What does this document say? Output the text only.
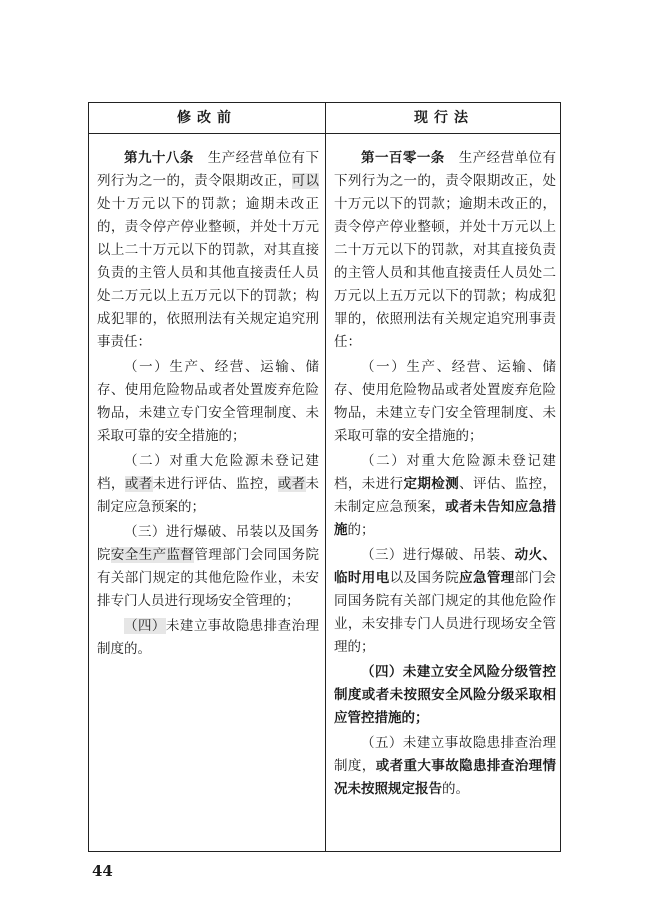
修改前	现行法

第九十八条　生产经营单位有下列行为之一的，责令限期改正，可以处十万元以下的罚款；逾期未改正的，责令停产停业整顿，并处十万元以上二十万元以下的罚款，对其直接负责的主管人员和其他直接责任人员处二万元以上五万元以下的罚款；构成犯罪的，依照刑法有关规定追究刑事责任：

（一）生产、经营、运输、储存、使用危险物品或者处置废弃危险物品，未建立专门安全管理制度、未采取可靠的安全措施的；

（二）对重大危险源未登记建档，或者未进行评估、监控，或者未制定应急预案的；

（三）进行爆破、吊装以及国务院安全生产监督管理部门会同国务院有关部门规定的其他危险作业，未安排专门人员进行现场安全管理的；

（四）未建立事故隐患排查治理制度的。

第一百零一条　生产经营单位有下列行为之一的，责令限期改正，处十万元以下的罚款；逾期未改正的，责令停产停业整顿，并处十万元以上二十万元以下的罚款，对其直接负责的主管人员和其他直接责任人员处二万元以上五万元以下的罚款；构成犯罪的，依照刑法有关规定追究刑事责任：

（一）生产、经营、运输、储存、使用危险物品或者处置废弃危险物品，未建立专门安全管理制度、未采取可靠的安全措施的；

（二）对重大危险源未登记建档，未进行定期检测、评估、监控，未制定应急预案，或者未告知应急措施的；

（三）进行爆破、吊装、动火、临时用电以及国务院应急管理部门会同国务院有关部门规定的其他危险作业，未安排专门人员进行现场安全管理的；

（四）未建立安全风险分级管控制度或者未按照安全风险分级采取相应管控措施的；

（五）未建立事故隐患排查治理制度，或者重大事故隐患排查治理情况未按照规定报告的。

44
